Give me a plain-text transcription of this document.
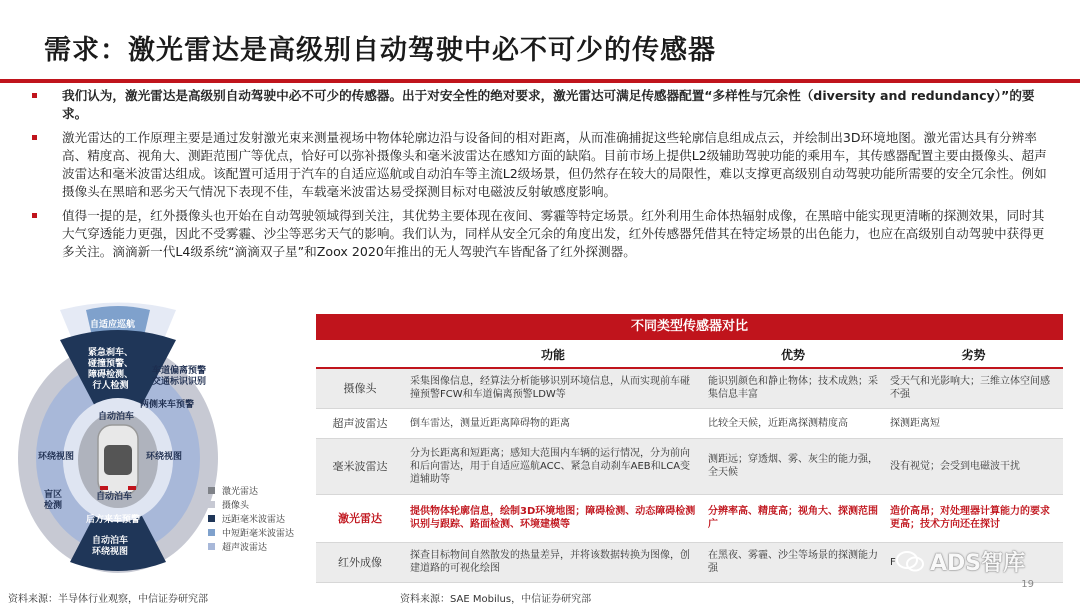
需求：激光雷达是高级别自动驾驶中必不可少的传感器
我们认为，激光雷达是高级别自动驾驶中必不可少的传感器。出于对安全性的绝对要求，激光雷达可满足传感器配置“多样性与冗余性（diversity and redundancy）”的要求。
激光雷达的工作原理主要是通过发射激光束来测量视场中物体轮廓边沿与设备间的相对距离，从而准确捕捉这些轮廓信息组成点云，并绘制出3D环境地图。激光雷达具有分辨率高、精度高、视角大、测距范围广等优点，恰好可以弥补摄像头和毫米波雷达在感知方面的缺陷。目前市场上提供L2级辅助驾驶功能的乘用车，其传感器配置主要由摄像头、超声波雷达和毫米波雷达组成。该配置可适用于汽车的自适应巡航或自动泊车等主流L2级场景，但仍然存在较大的局限性，难以支撑更高级别自动驾驶功能所需要的安全冗余性。例如摄像头在黑暗和恶劣天气情况下表现不佳，车载毫米波雷达易受探测目标对电磁波反射敏感度影响。
值得一提的是，红外摄像头也开始在自动驾驶领域得到关注，其优势主要体现在夜间、雾霾等特定场景。红外利用生命体热辐射成像，在黑暗中能实现更清晰的探测效果，同时其大气穿透能力更强，因此不受雾霾、沙尘等恶劣天气的影响。我们认为，同样从安全冗余的角度出发，红外传感器凭借其在特定场景的出色能力，也应在高级别自动驾驶中获得更多关注。滴滴新一代L4级系统“滴滴双子星”和Zoox 2020年推出的无人驾驶汽车皆配备了红外探测器。
自适应巡航
紧急刹车、
碰撞预警、
障碍检测、
行人检测
车道偏离预警
交通标识识别
两侧来车预警
自动泊车
环绕视图	环绕视图
盲区
检测
自动泊车
后方来车预警
自动泊车
环绕视图
激光雷达
摄像头
远距毫米波雷达
中短距毫米波雷达
超声波雷达
不同类型传感器对比
	功能	优势	劣势
摄像头	采集图像信息，经算法分析能够识别环境信息，从而实现前车碰撞预警FCW和车道偏离预警LDW等	能识别颜色和静止物体；技术成熟；采集信息丰富	受天气和光影响大；三维立体空间感不强
超声波雷达	倒车雷达，测量近距离障碍物的距离	比较全天候，近距离探测精度高	探测距离短
毫米波雷达	分为长距离和短距离；感知大范围内车辆的运行情况，分为前向和后向雷达，用于自适应巡航ACC、紧急自动刹车AEB和LCA变道辅助等	测距远；穿透烟、雾、灰尘的能力强，全天候	没有视觉；会受到电磁波干扰
激光雷达	提供物体轮廓信息，绘制3D环境地图；障碍检测、动态障碍检测识别与跟踪、路面检测、环境建模等	分辨率高、精度高；视角大、探测范围广	造价高昂；对处理器计算能力的要求更高；技术方向还在探讨
红外成像	探查目标物间自然散发的热量差异，并将该数据转换为图像，创建道路的可视化绘图	在黑夜、雾霾、沙尘等场景的探测能力强	F ADS智库
资料来源：半导体行业观察，中信证券研究部	资料来源：SAE Mobilus，中信证券研究部
19
